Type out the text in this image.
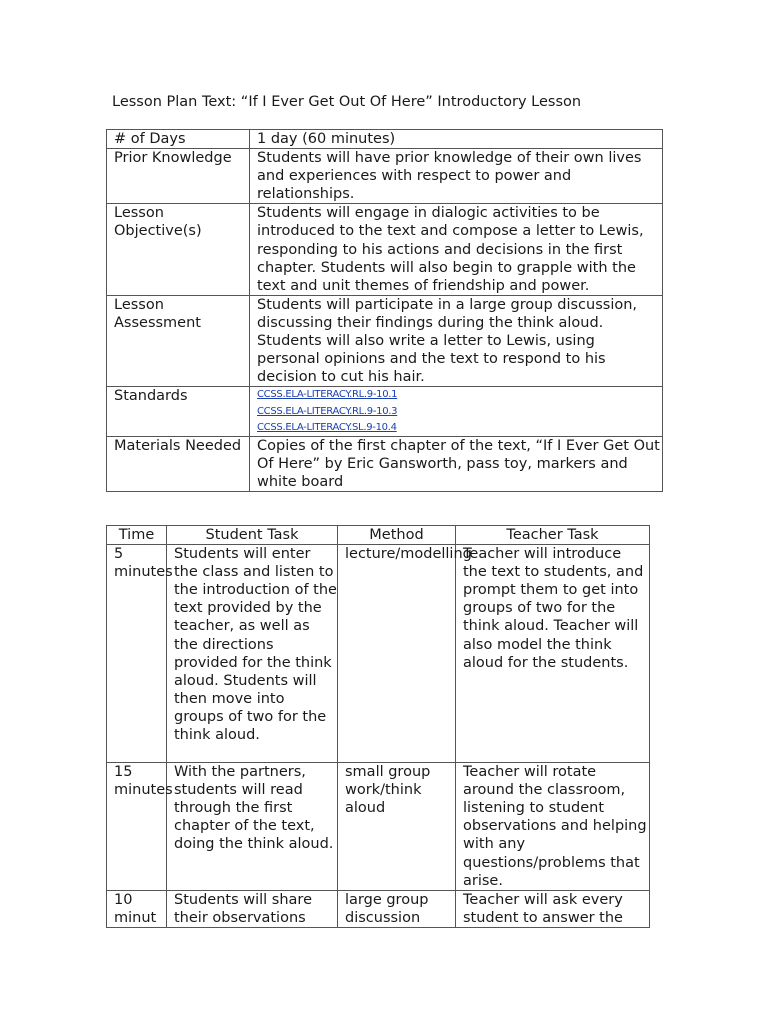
Lesson Plan Text: “If I Ever Get Out Of Here” Introductory Lesson
# of Days	1 day (60 minutes)
Prior Knowledge	Students will have prior knowledge of their own lives and experiences with respect to power and relationships.
Lesson Objective(s)	Students will engage in dialogic activities to be introduced to the text and compose a letter to Lewis, responding to his actions and decisions in the first chapter. Students will also begin to grapple with the text and unit themes of friendship and power.
Lesson Assessment	Students will participate in a large group discussion, discussing their findings during the think aloud. Students will also write a letter to Lewis, using personal opinions and the text to respond to his decision to cut his hair.
Standards	CCSS.ELA-LITERACY.RL.9-10.1
CCSS.ELA-LITERACY.RL.9-10.3
CCSS.ELA-LITERACY.SL.9-10.4

Materials Needed	Copies of the first chapter of the text, “If I Ever Get Out Of Here” by Eric Gansworth, pass toy, markers and white board
Time	Student Task	Method	Teacher Task
5 minutes	Students will enter the class and listen to the introduction of the text provided by the teacher, as well as the directions provided for the think aloud. Students will then move into groups of two for the think aloud.	lecture/modelling	Teacher will introduce the text to students, and prompt them to get into groups of two for the think aloud. Teacher will also model the think aloud for the students.
15 minutes	With the partners, students will read through the first chapter of the text, doing the think aloud.	small group work/think aloud	Teacher will rotate around the classroom, listening to student observations and helping with any questions/problems that arise.
10 minut	Students will share their observations	large group discussion	Teacher will ask every student to answer the
